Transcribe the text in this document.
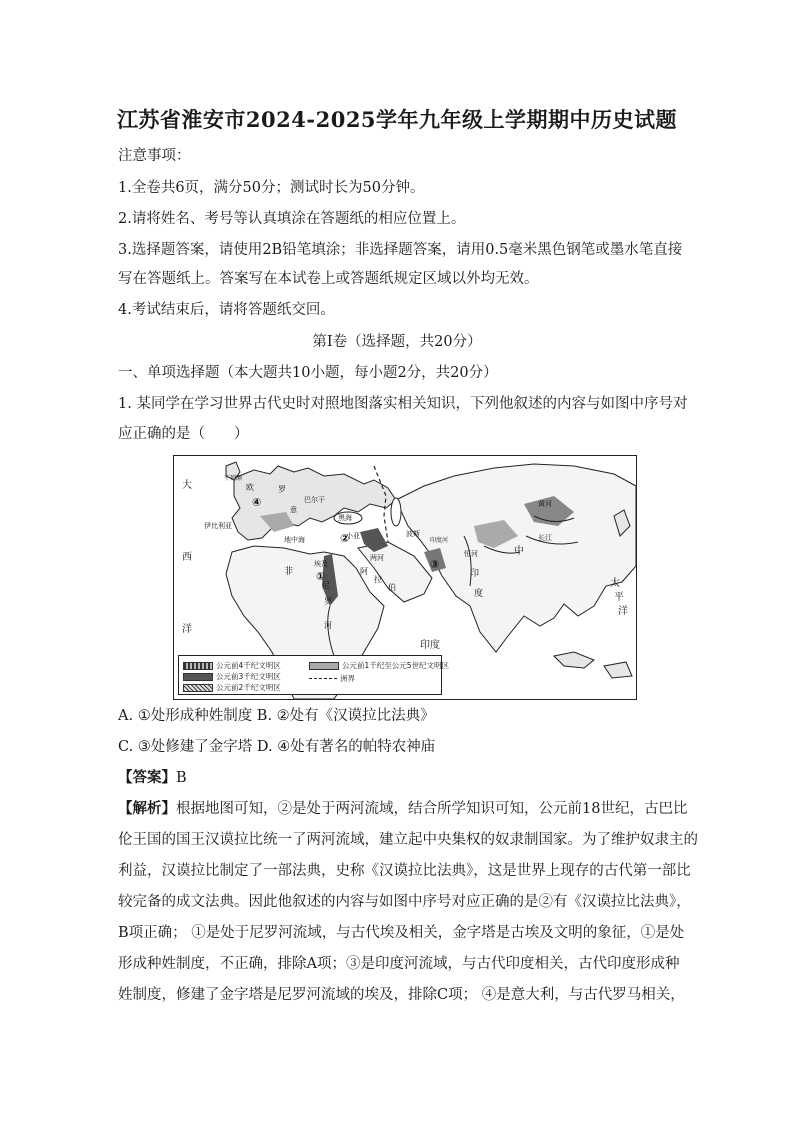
江苏省淮安市2024-2025学年九年级上学期期中历史试题
注意事项：
1.全卷共6页，满分50分；测试时长为50分钟。
2.请将姓名、考号等认真填涂在答题纸的相应位置上。
3.选择题答案，请使用2B铅笔填涂；非选择题答案，请用0.5毫米黑色钢笔或墨水笔直接
写在答题纸上。答案写在本试卷上或答题纸规定区域以外均无效。
4.考试结束后，请将答题纸交回。
第Ⅰ卷（选择题，共20分）
一、单项选择题（本大题共10小题，每小题2分，共20分）
1. 某同学在学习世界古代史时对照地图落实相关知识，下列他叙述的内容与如图中序号对
应正确的是（　　）
大
西
洋
太
平
洋
印度
不列颠
欧	罗
伊比利亚
意
巴尔干
黑海
地中海	小亚
两河
埃及
非
尼
罗
河
阿
拉
伯
波斯
印
度
恒河
印度河
中
黄河
长江
①
②
③
④
公元前4千纪文明区
公元前3千纪文明区
公元前2千纪文明区
公元前1千纪至公元5世纪文明区
洲界
A. ①处形成种姓制度 B. ②处有《汉谟拉比法典》
C. ③处修建了金字塔 D. ④处有著名的帕特农神庙
【答案】B
【解析】根据地图可知，②是处于两河流域，结合所学知识可知，公元前18世纪，古巴比
伦王国的国王汉谟拉比统一了两河流域，建立起中央集权的奴隶制国家。为了维护奴隶主的
利益，汉谟拉比制定了一部法典，史称《汉谟拉比法典》，这是世界上现存的古代第一部比
较完备的成文法典。因此他叙述的内容与如图中序号对应正确的是②有《汉谟拉比法典》，
B项正确； ①是处于尼罗河流域，与古代埃及相关，金字塔是古埃及文明的象征，①是处
形成种姓制度，不正确，排除A项；③是印度河流域，与古代印度相关，古代印度形成种
姓制度，修建了金字塔是尼罗河流域的埃及，排除C项； ④是意大利，与古代罗马相关，
